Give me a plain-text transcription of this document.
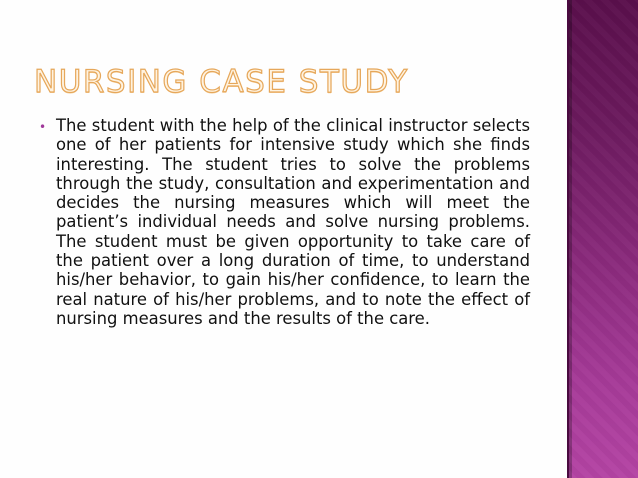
NURSING CASE STUDY
• The student with the help of the clinical instructor selects one of her patients for intensive study which she finds interesting. The student tries to solve the problems through the study, consultation and experimentation and decides the nursing measures which will meet the patient’s individual needs and solve nursing problems. The student must be given opportunity to take care of the patient over a long duration of time, to understand his/her behavior, to gain his/her confidence, to learn the real nature of his/her problems, and to note the effect of nursing measures and the results of the care.
